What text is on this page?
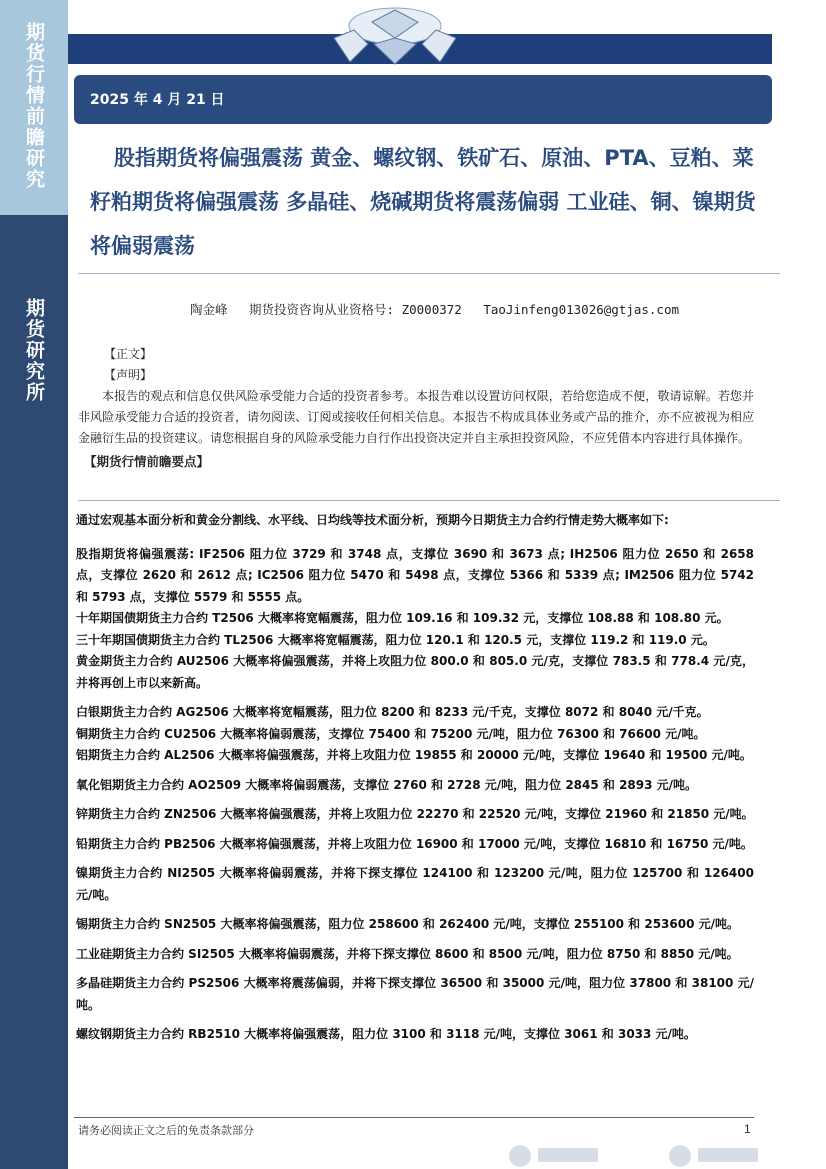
期货行情前瞻研究
期货研究所
2025 年 4 月 21 日
股指期货将偏强震荡 黄金、螺纹钢、铁矿石、原油、PTA、豆粕、菜籽粕期货将偏强震荡 多晶硅、烧碱期货将震荡偏弱 工业硅、铜、镍期货将偏弱震荡
陶金峰 期货投资咨询从业资格号: Z0000372 TaoJinfeng013026@gtjas.com

【正文】

【声明】

本报告的观点和信息仅供风险承受能力合适的投资者参考。本报告难以设置访问权限，若给您造成不便，敬请谅解。若您并非风险承受能力合适的投资者，请勿阅读、订阅或接收任何相关信息。本报告不构成具体业务或产品的推介，亦不应被视为相应金融衍生品的投资建议。请您根据自身的风险承受能力自行作出投资决定并自主承担投资风险，不应凭借本内容进行具体操作。

【期货行情前瞻要点】

通过宏观基本面分析和黄金分割线、水平线、日均线等技术面分析，预期今日期货主力合约行情走势大概率如下:

股指期货将偏强震荡: IF2506 阻力位 3729 和 3748 点，支撑位 3690 和 3673 点; IH2506 阻力位 2650 和 2658 点，支撑位 2620 和 2612 点; IC2506 阻力位 5470 和 5498 点，支撑位 5366 和 5339 点; IM2506 阻力位 5742 和 5793 点，支撑位 5579 和 5555 点。

十年期国债期货主力合约 T2506 大概率将宽幅震荡，阻力位 109.16 和 109.32 元，支撑位 108.88 和 108.80 元。

三十年期国债期货主力合约 TL2506 大概率将宽幅震荡，阻力位 120.1 和 120.5 元，支撑位 119.2 和 119.0 元。

黄金期货主力合约 AU2506 大概率将偏强震荡，并将上攻阻力位 800.0 和 805.0 元/克，支撑位 783.5 和 778.4 元/克，并将再创上市以来新高。

白银期货主力合约 AG2506 大概率将宽幅震荡，阻力位 8200 和 8233 元/千克，支撑位 8072 和 8040 元/千克。

铜期货主力合约 CU2506 大概率将偏弱震荡，支撑位 75400 和 75200 元/吨，阻力位 76300 和 76600 元/吨。

铝期货主力合约 AL2506 大概率将偏强震荡，并将上攻阻力位 19855 和 20000 元/吨，支撑位 19640 和 19500 元/吨。

氧化铝期货主力合约 AO2509 大概率将偏弱震荡，支撑位 2760 和 2728 元/吨，阻力位 2845 和 2893 元/吨。

锌期货主力合约 ZN2506 大概率将偏强震荡，并将上攻阻力位 22270 和 22520 元/吨，支撑位 21960 和 21850 元/吨。

铅期货主力合约 PB2506 大概率将偏强震荡，并将上攻阻力位 16900 和 17000 元/吨，支撑位 16810 和 16750 元/吨。

镍期货主力合约 NI2505 大概率将偏弱震荡，并将下探支撑位 124100 和 123200 元/吨，阻力位 125700 和 126400 元/吨。

锡期货主力合约 SN2505 大概率将偏强震荡，阻力位 258600 和 262400 元/吨，支撑位 255100 和 253600 元/吨。

工业硅期货主力合约 SI2505 大概率将偏弱震荡，并将下探支撑位 8600 和 8500 元/吨，阻力位 8750 和 8850 元/吨。

多晶硅期货主力合约 PS2506 大概率将震荡偏弱，并将下探支撑位 36500 和 35000 元/吨，阻力位 37800 和 38100 元/吨。

螺纹钢期货主力合约 RB2510 大概率将偏强震荡，阻力位 3100 和 3118 元/吨，支撑位 3061 和 3033 元/吨。

请务必阅读正文之后的免责条款部分	1
